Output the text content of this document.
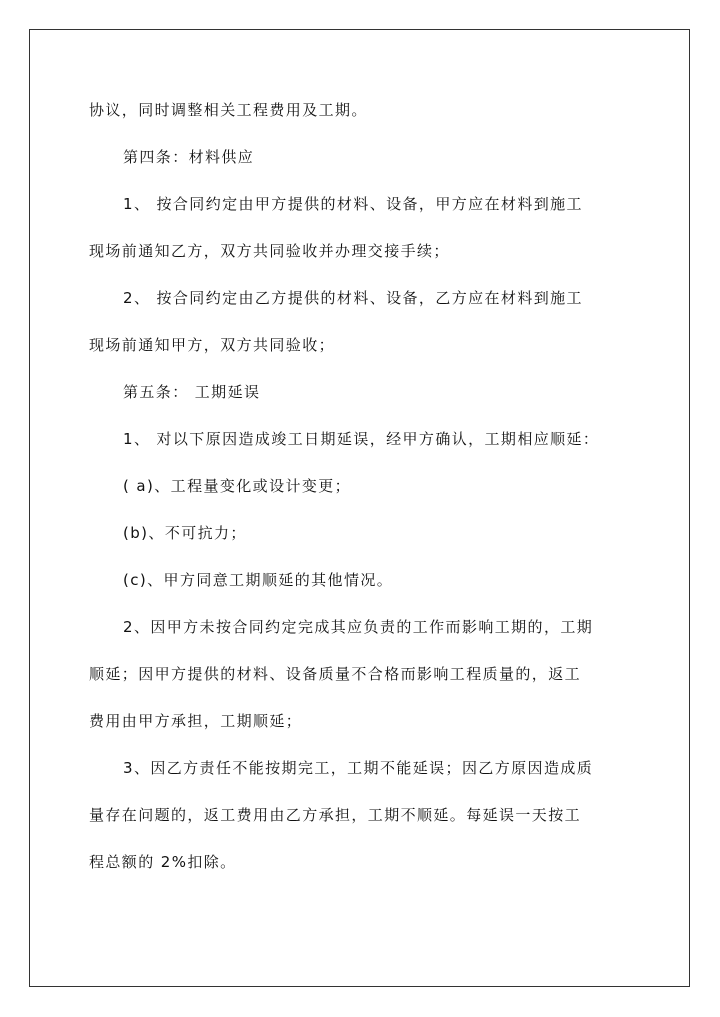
协议，同时调整相关工程费用及工期。
第四条：材料供应
1、 按合同约定由甲方提供的材料、设备，甲方应在材料到施工
现场前通知乙方，双方共同验收并办理交接手续；
2、 按合同约定由乙方提供的材料、设备，乙方应在材料到施工
现场前通知甲方，双方共同验收；
第五条： 工期延误
1、 对以下原因造成竣工日期延误，经甲方确认，工期相应顺延：
( a)、工程量变化或设计变更；
(b)、不可抗力；
(c)、甲方同意工期顺延的其他情况。
2、因甲方未按合同约定完成其应负责的工作而影响工期的，工期
顺延；因甲方提供的材料、设备质量不合格而影响工程质量的，返工
费用由甲方承担，工期顺延；
3、因乙方责任不能按期完工，工期不能延误；因乙方原因造成质
量存在问题的，返工费用由乙方承担，工期不顺延。每延误一天按工
程总额的 2%扣除。
